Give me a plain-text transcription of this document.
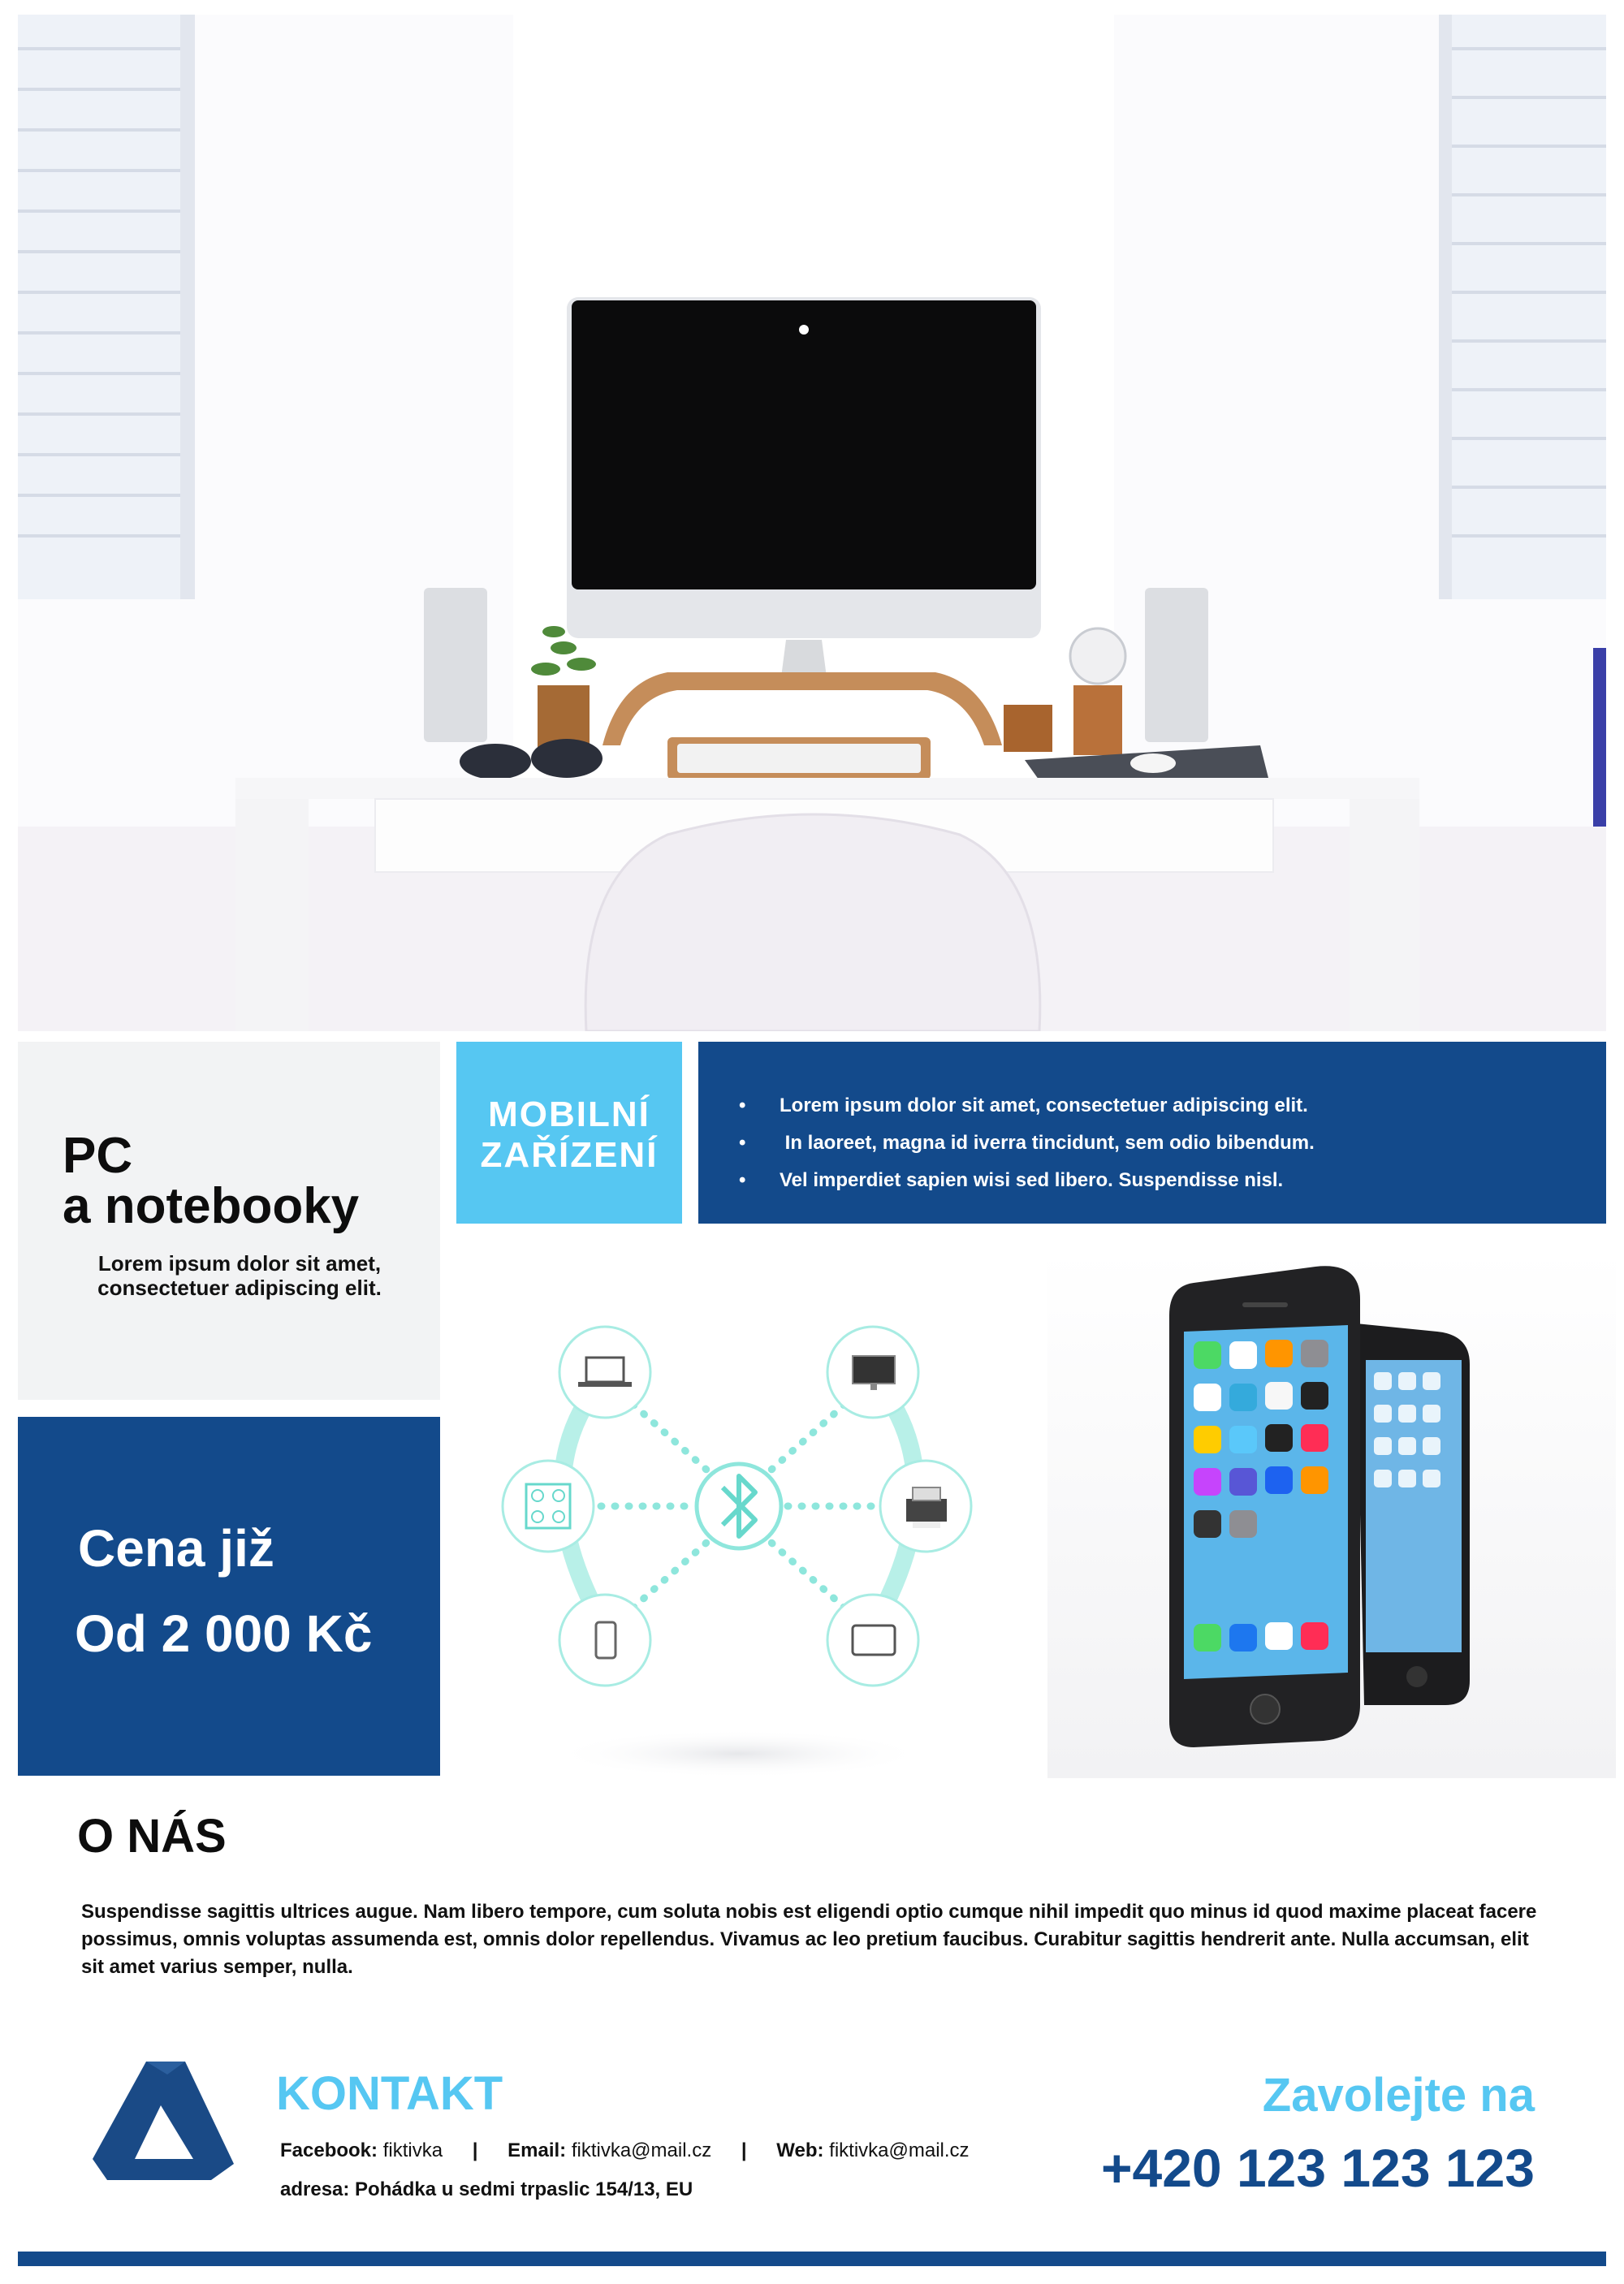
PC
a notebooky
Lorem ipsum dolor sit amet,
consectetuer adipiscing elit.
Cena již
Od 2 000 Kč
MOBILNÍ
ZAŘÍZENÍ
• Lorem ipsum dolor sit amet, consectetuer adipiscing elit.
• In laoreet, magna id iverra tincidunt, sem odio bibendum.
• Vel imperdiet sapien wisi sed libero. Suspendisse nisl.
O NÁS
Suspendisse sagittis ultrices augue. Nam libero tempore, cum soluta nobis est eligendi optio cumque nihil impedit quo minus id quod maxime placeat facere possimus, omnis voluptas assumenda est, omnis dolor repellendus. Vivamus ac leo pretium faucibus. Curabitur sagittis hendrerit ante. Nulla accumsan, elit sit amet varius semper, nulla.
KONTAKT
Facebook: fiktivka | Email: fiktivka@mail.cz | Web: fiktivka@mail.cz
adresa: Pohádka u sedmi trpaslic 154/13, EU
Zavolejte na
+420 123 123 123
